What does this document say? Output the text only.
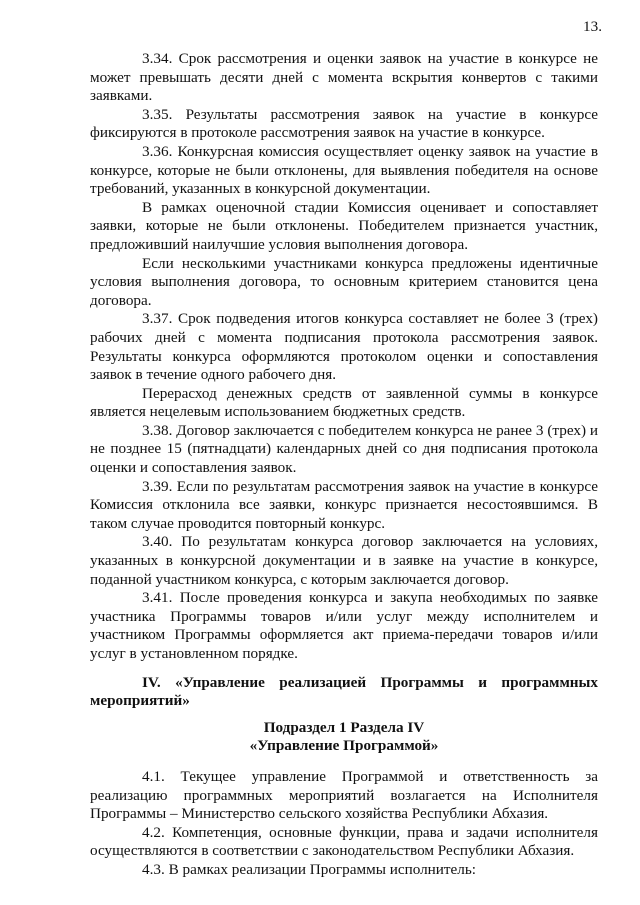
13.

3.34. Срок рассмотрения и оценки заявок на участие в конкурсе не может превышать десяти дней с момента вскрытия конвертов с такими заявками.

3.35. Результаты рассмотрения заявок на участие в конкурсе фиксируются в протоколе рассмотрения заявок на участие в конкурсе.

3.36. Конкурсная комиссия осуществляет оценку заявок на участие в конкурсе, которые не были отклонены, для выявления победителя на основе требований, указанных в конкурсной документации.

В рамках оценочной стадии Комиссия оценивает и сопоставляет заявки, которые не были отклонены. Победителем признается участник, предложивший наилучшие условия выполнения договора.

Если несколькими участниками конкурса предложены идентичные условия выполнения договора, то основным критерием становится цена договора.

3.37. Срок подведения итогов конкурса составляет не более 3 (трех) рабочих дней с момента подписания протокола рассмотрения заявок. Результаты конкурса оформляются протоколом оценки и сопоставления заявок в течение одного рабочего дня.

Перерасход денежных средств от заявленной суммы в конкурсе является нецелевым использованием бюджетных средств.

3.38. Договор заключается с победителем конкурса не ранее 3 (трех) и не позднее 15 (пятнадцати) календарных дней со дня подписания протокола оценки и сопоставления заявок.

3.39. Если по результатам рассмотрения заявок на участие в конкурсе Комиссия отклонила все заявки, конкурс признается несостоявшимся. В таком случае проводится повторный конкурс.

3.40. По результатам конкурса договор заключается на условиях, указанных в конкурсной документации и в заявке на участие в конкурсе, поданной участником конкурса, с которым заключается договор.

3.41. После проведения конкурса и закупа необходимых по заявке участника Программы товаров и/или услуг между исполнителем и участником Программы оформляется акт приема-передачи товаров и/или услуг в установленном порядке.

IV. «Управление реализацией Программы и программных мероприятий»

Подраздел 1 Раздела IV
«Управление Программой»

4.1. Текущее управление Программой и ответственность за реализацию программных мероприятий возлагается на Исполнителя Программы – Министерство сельского хозяйства Республики Абхазия.

4.2. Компетенция, основные функции, права и задачи исполнителя осуществляются в соответствии с законодательством Республики Абхазия.

4.3. В рамках реализации Программы исполнитель:
